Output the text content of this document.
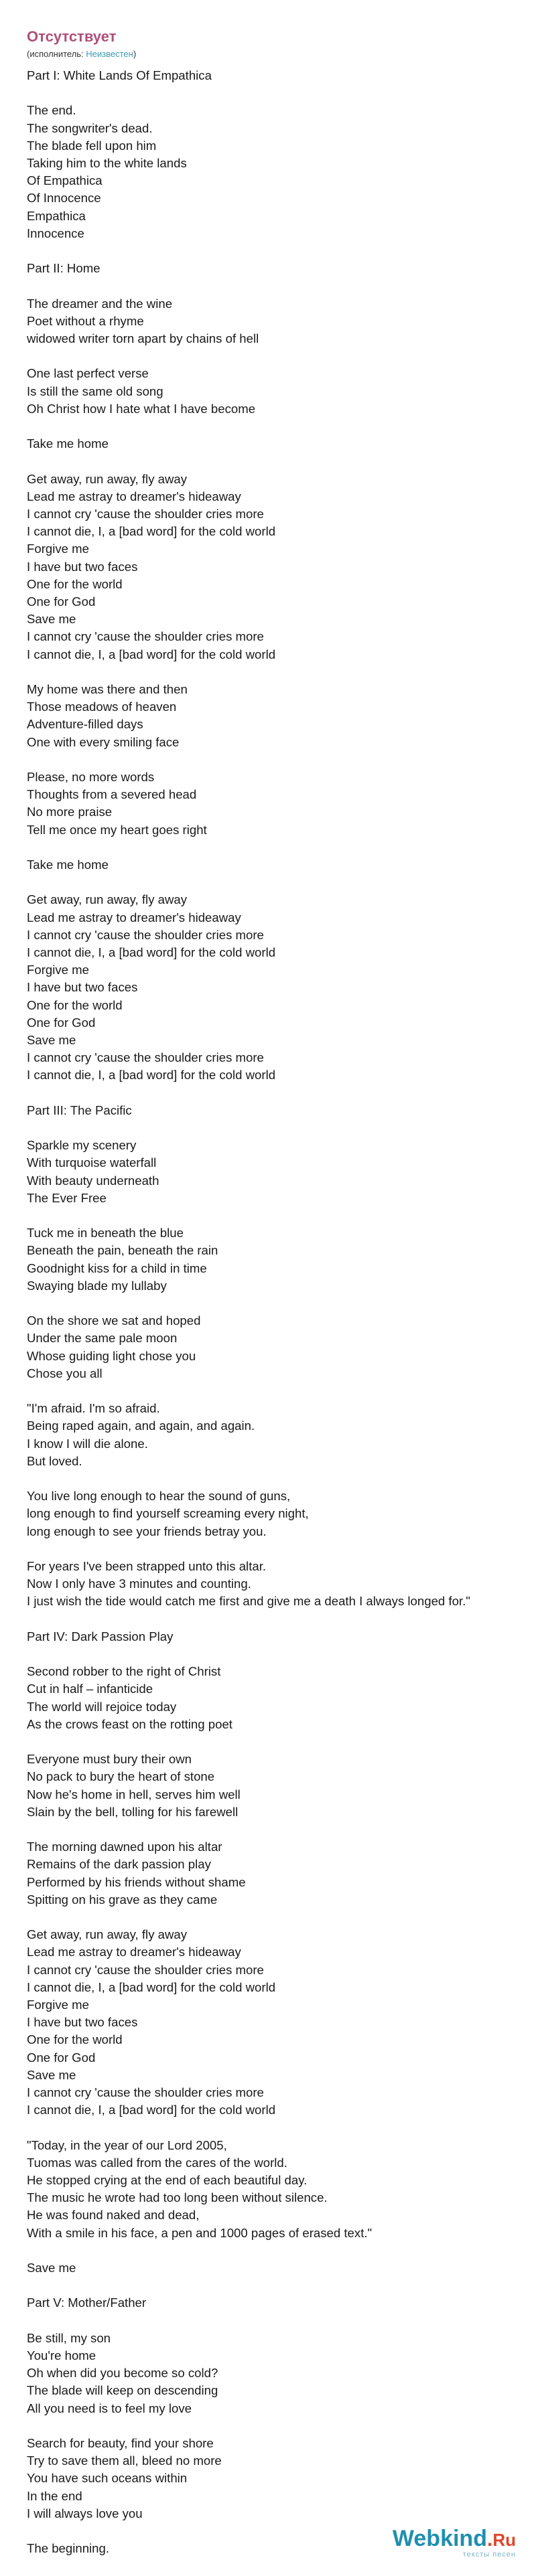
Отсутствует
(исполнитель: Неизвестен)
Part I: White Lands Of Empathica
The end.
The songwriter's dead.
The blade fell upon him
Taking him to the white lands
Of Empathica
Of Innocence
Empathica
Innocence
Part II: Home
The dreamer and the wine
Poet without a rhyme
widowed writer torn apart by chains of hell
One last perfect verse
Is still the same old song
Oh Christ how I hate what I have become
Take me home
Get away, run away, fly away
Lead me astray to dreamer's hideaway
I cannot cry 'cause the shoulder cries more
I cannot die, I, a [bad word] for the cold world
Forgive me
I have but two faces
One for the world
One for God
Save me
I cannot cry 'cause the shoulder cries more
I cannot die, I, a [bad word] for the cold world
My home was there and then
Those meadows of heaven
Adventure-filled days
One with every smiling face
Please, no more words
Thoughts from a severed head
No more praise
Tell me once my heart goes right
Take me home
Get away, run away, fly away
Lead me astray to dreamer's hideaway
I cannot cry 'cause the shoulder cries more
I cannot die, I, a [bad word] for the cold world
Forgive me
I have but two faces
One for the world
One for God
Save me
I cannot cry 'cause the shoulder cries more
I cannot die, I, a [bad word] for the cold world
Part III: The Pacific
Sparkle my scenery
With turquoise waterfall
With beauty underneath
The Ever Free
Tuck me in beneath the blue
Beneath the pain, beneath the rain
Goodnight kiss for a child in time
Swaying blade my lullaby
On the shore we sat and hoped
Under the same pale moon
Whose guiding light chose you
Chose you all
"I'm afraid. I'm so afraid.
Being raped again, and again, and again.
I know I will die alone.
But loved.
You live long enough to hear the sound of guns,
long enough to find yourself screaming every night,
long enough to see your friends betray you.
For years I've been strapped unto this altar.
Now I only have 3 minutes and counting.
I just wish the tide would catch me first and give me a death I always longed for."
Part IV: Dark Passion Play
Second robber to the right of Christ
Cut in half – infanticide
The world will rejoice today
As the crows feast on the rotting poet
Everyone must bury their own
No pack to bury the heart of stone
Now he's home in hell, serves him well
Slain by the bell, tolling for his farewell
The morning dawned upon his altar
Remains of the dark passion play
Performed by his friends without shame
Spitting on his grave as they came
Get away, run away, fly away
Lead me astray to dreamer's hideaway
I cannot cry 'cause the shoulder cries more
I cannot die, I, a [bad word] for the cold world
Forgive me
I have but two faces
One for the world
One for God
Save me
I cannot cry 'cause the shoulder cries more
I cannot die, I, a [bad word] for the cold world
"Today, in the year of our Lord 2005,
Tuomas was called from the cares of the world.
He stopped crying at the end of each beautiful day.
The music he wrote had too long been without silence.
He was found naked and dead,
With a smile in his face, a pen and 1000 pages of erased text."
Save me
Part V: Mother/Father
Be still, my son
You're home
Oh when did you become so cold?
The blade will keep on descending
All you need is to feel my love
Search for beauty, find your shore
Try to save them all, bleed no more
You have such oceans within
In the end
I will always love you
The beginning.	Web kind . Ru
тексты песен
